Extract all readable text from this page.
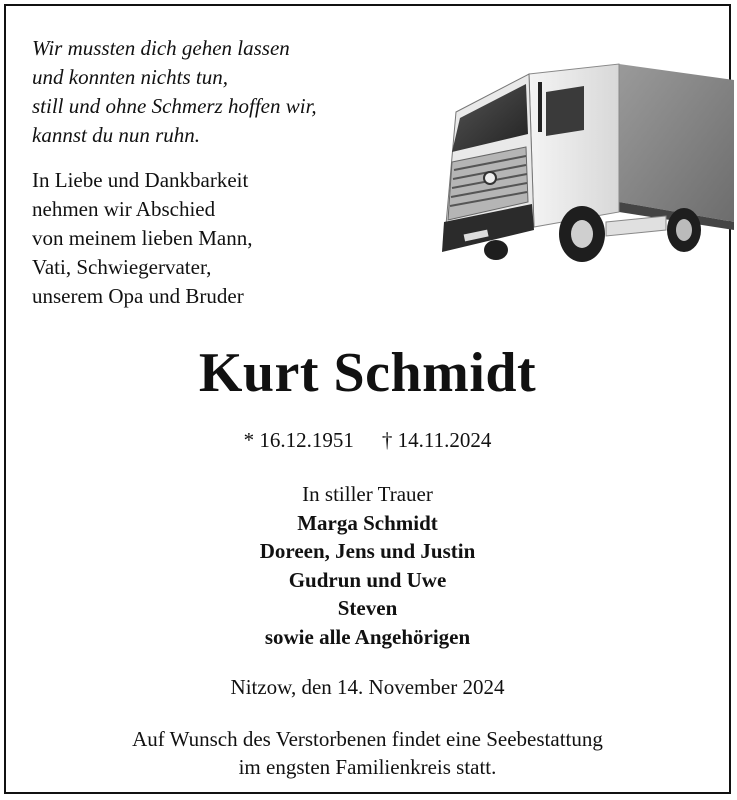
Wir mussten dich gehen lassen
und konnten nichts tun,
still und ohne Schmerz hoffen wir,
kannst du nun ruhn.
In Liebe und Dankbarkeit
nehmen wir Abschied
von meinem lieben Mann,
Vati, Schwiegervater,
unserem Opa und Bruder
Kurt Schmidt
* 16.12.1951 † 14.11.2024
In stiller Trauer
Marga Schmidt
Doreen, Jens und Justin
Gudrun und Uwe
Steven
sowie alle Angehörigen
Nitzow, den 14. November 2024
Auf Wunsch des Verstorbenen findet eine Seebestattung
im engsten Familienkreis statt.
